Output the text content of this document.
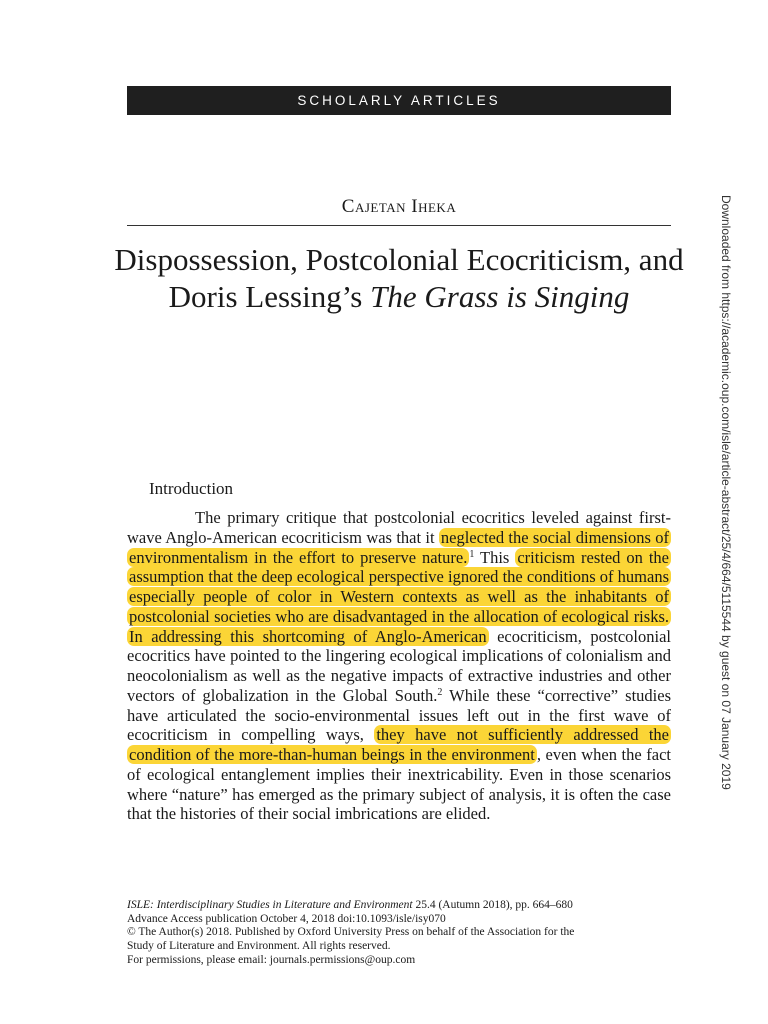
SCHOLARLY ARTICLES
Cajetan Iheka
Dispossession, Postcolonial Ecocriticism, and Doris Lessing’s The Grass is Singing
Introduction

The primary critique that postcolonial ecocritics leveled against first-wave Anglo-American ecocriticism was that it neglected the social dimensions of environmentalism in the effort to preserve nature. $^1$ This criticism rested on the assumption that the deep ecological perspective ignored the conditions of humans especially people of color in Western contexts as well as the inhabitants of postcolonial societies who are disadvantaged in the allocation of ecological risks. In addressing this shortcoming of Anglo-American ecocriticism, postcolonial ecocritics have pointed to the lingering ecological implications of colonialism and neocolonialism as well as the negative impacts of extractive industries and other vectors of globalization in the Global South.$^2$ While these “corrective” studies have articulated the socio-environmental issues left out in the first wave of ecocriticism in compelling ways, they have not sufficiently addressed the condition of the more-than-human beings in the environment , even when the fact of ecological entanglement implies their inextricability. Even in those scenarios where “nature” has emerged as the primary subject of analysis, it is often the case that the histories of their social imbrications are elided.

ISLE: Interdisciplinary Studies in Literature and Environment 25.4 (Autumn 2018), pp. 664–680
Advance Access publication October 4, 2018 doi:10.1093/isle/isy070
© The Author(s) 2018. Published by Oxford University Press on behalf of the Association for the
Study of Literature and Environment. All rights reserved.
For permissions, please email: journals.permissions@oup.com
Downloaded from https://academic.oup.com/isle/article-abstract/25/4/664/5115544 by guest on 07 January 2019
